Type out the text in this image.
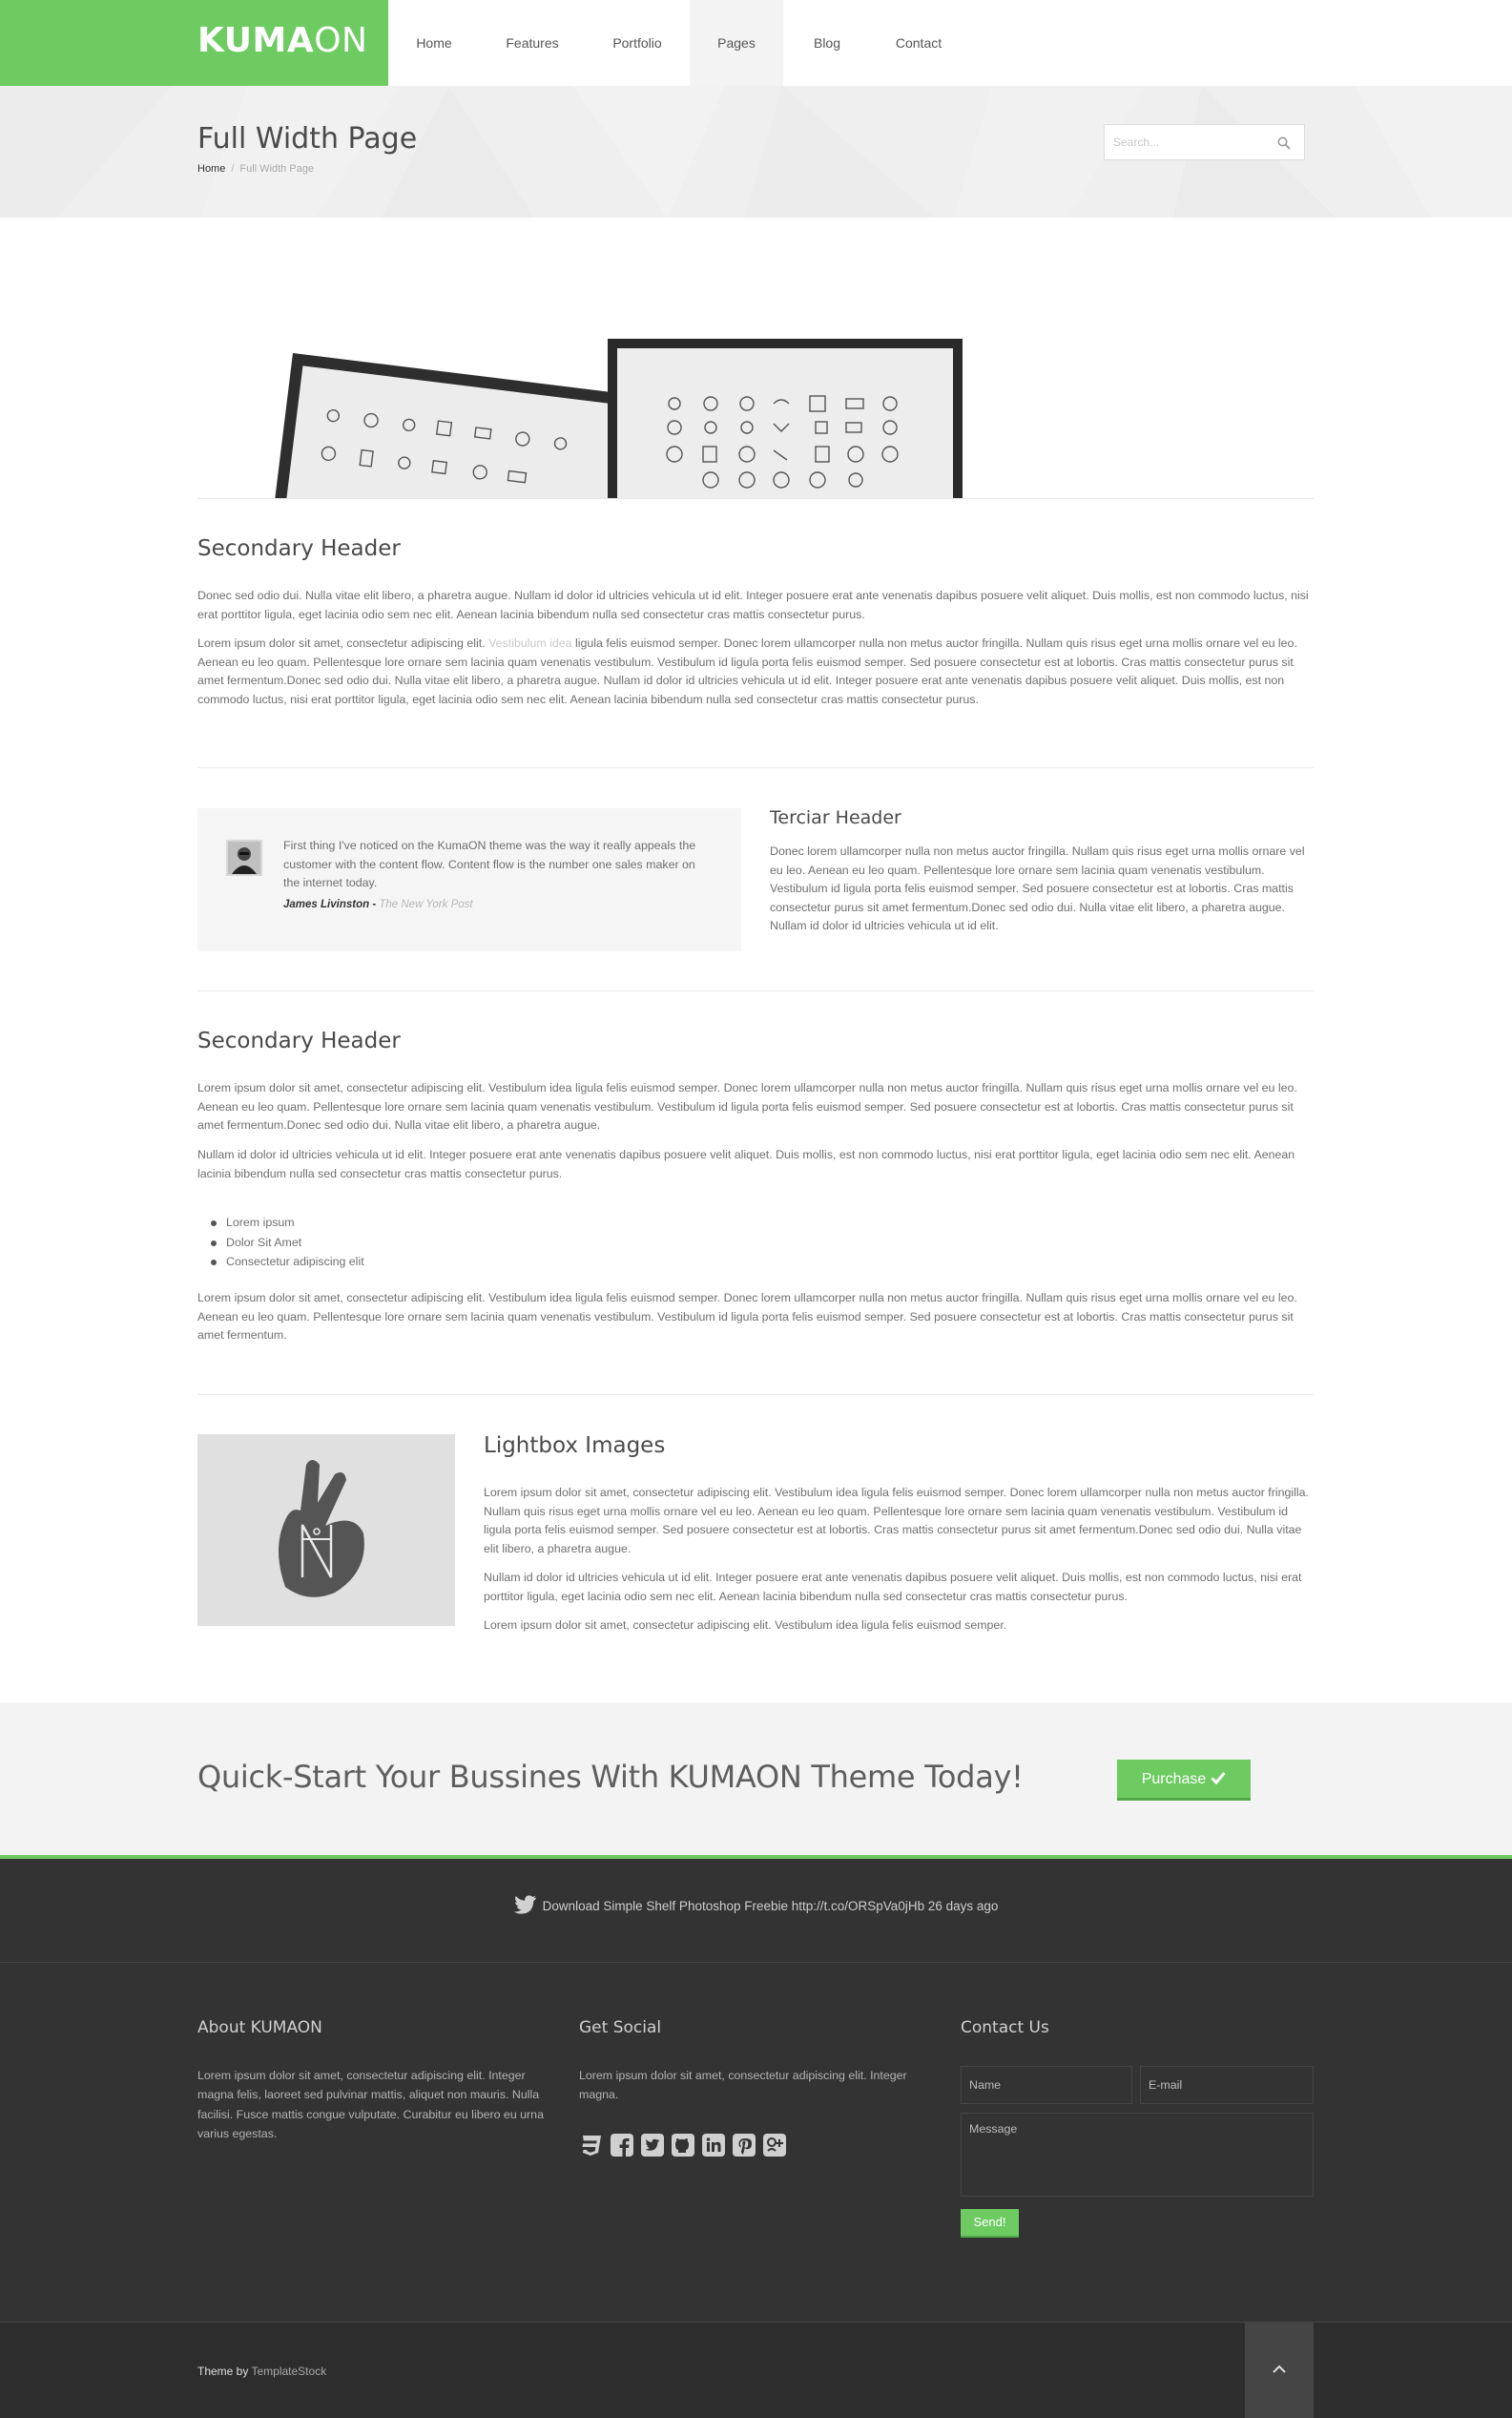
KUMAON	Home	Features	Portfolio	Pages	Blog	Contact
Full Width Page
Home / Full Width Page
Search...
Secondary Header

Donec sed odio dui. Nulla vitae elit libero, a pharetra augue. Nullam id dolor id ultricies vehicula ut id elit. Integer posuere erat ante venenatis dapibus posuere velit aliquet. Duis mollis, est non commodo luctus, nisi erat porttitor ligula, eget lacinia odio sem nec elit. Aenean lacinia bibendum nulla sed consectetur cras mattis consectetur purus.

Lorem ipsum dolor sit amet, consectetur adipiscing elit. Vestibulum idea ligula felis euismod semper. Donec lorem ullamcorper nulla non metus auctor fringilla. Nullam quis risus eget urna mollis ornare vel eu leo. Aenean eu leo quam. Pellentesque lore ornare sem lacinia quam venenatis vestibulum. Vestibulum id ligula porta felis euismod semper. Sed posuere consectetur est at lobortis. Cras mattis consectetur purus sit amet fermentum.Donec sed odio dui. Nulla vitae elit libero, a pharetra augue. Nullam id dolor id ultricies vehicula ut id elit. Integer posuere erat ante venenatis dapibus posuere velit aliquet. Duis mollis, est non commodo luctus, nisi erat porttitor ligula, eget lacinia odio sem nec elit. Aenean lacinia bibendum nulla sed consectetur cras mattis consectetur purus.

First thing I've noticed on the KumaON theme was the way it really appeals the customer with the content flow. Content flow is the number one sales maker on the internet today.

James Livinston - The New York Post
Terciar Header

Donec lorem ullamcorper nulla non metus auctor fringilla. Nullam quis risus eget urna mollis ornare vel eu leo. Aenean eu leo quam. Pellentesque lore ornare sem lacinia quam venenatis vestibulum. Vestibulum id ligula porta felis euismod semper. Sed posuere consectetur est at lobortis. Cras mattis consectetur purus sit amet fermentum.Donec sed odio dui. Nulla vitae elit libero, a pharetra augue. Nullam id dolor id ultricies vehicula ut id elit.

Secondary Header

Lorem ipsum dolor sit amet, consectetur adipiscing elit. Vestibulum idea ligula felis euismod semper. Donec lorem ullamcorper nulla non metus auctor fringilla. Nullam quis risus eget urna mollis ornare vel eu leo. Aenean eu leo quam. Pellentesque lore ornare sem lacinia quam venenatis vestibulum. Vestibulum id ligula porta felis euismod semper. Sed posuere consectetur est at lobortis. Cras mattis consectetur purus sit amet fermentum.Donec sed odio dui. Nulla vitae elit libero, a pharetra augue.

Nullam id dolor id ultricies vehicula ut id elit. Integer posuere erat ante venenatis dapibus posuere velit aliquet. Duis mollis, est non commodo luctus, nisi erat porttitor ligula, eget lacinia odio sem nec elit. Aenean lacinia bibendum nulla sed consectetur cras mattis consectetur purus.

Lorem ipsum
Dolor Sit Amet
Consectetur adipiscing elit

Lorem ipsum dolor sit amet, consectetur adipiscing elit. Vestibulum idea ligula felis euismod semper. Donec lorem ullamcorper nulla non metus auctor fringilla. Nullam quis risus eget urna mollis ornare vel eu leo. Aenean eu leo quam. Pellentesque lore ornare sem lacinia quam venenatis vestibulum. Vestibulum id ligula porta felis euismod semper. Sed posuere consectetur est at lobortis. Cras mattis consectetur purus sit amet fermentum.

Lightbox Images

Lorem ipsum dolor sit amet, consectetur adipiscing elit. Vestibulum idea ligula felis euismod semper. Donec lorem ullamcorper nulla non metus auctor fringilla. Nullam quis risus eget urna mollis ornare vel eu leo. Aenean eu leo quam. Pellentesque lore ornare sem lacinia quam venenatis vestibulum. Vestibulum id ligula porta felis euismod semper. Sed posuere consectetur est at lobortis. Cras mattis consectetur purus sit amet fermentum.Donec sed odio dui. Nulla vitae elit libero, a pharetra augue.

Nullam id dolor id ultricies vehicula ut id elit. Integer posuere erat ante venenatis dapibus posuere velit aliquet. Duis mollis, est non commodo luctus, nisi erat porttitor ligula, eget lacinia odio sem nec elit. Aenean lacinia bibendum nulla sed consectetur cras mattis consectetur purus.

Lorem ipsum dolor sit amet, consectetur adipiscing elit. Vestibulum idea ligula felis euismod semper.

Quick-Start Your Bussines With KUMAON Theme Today!	Purchase
Download Simple Shelf Photoshop Freebie http://t.co/ORSpVa0jHb 26 days ago
About KUMAON

Lorem ipsum dolor sit amet, consectetur adipiscing elit. Integer magna felis, laoreet sed pulvinar mattis, aliquet non mauris. Nulla facilisi. Fusce mattis congue vulputate. Curabitur eu libero eu urna varius egestas.

Get Social

Lorem ipsum dolor sit amet, consectetur adipiscing elit. Integer magna.

Contact Us
Name	E-mail
Message
Send!
Theme by TemplateStock
